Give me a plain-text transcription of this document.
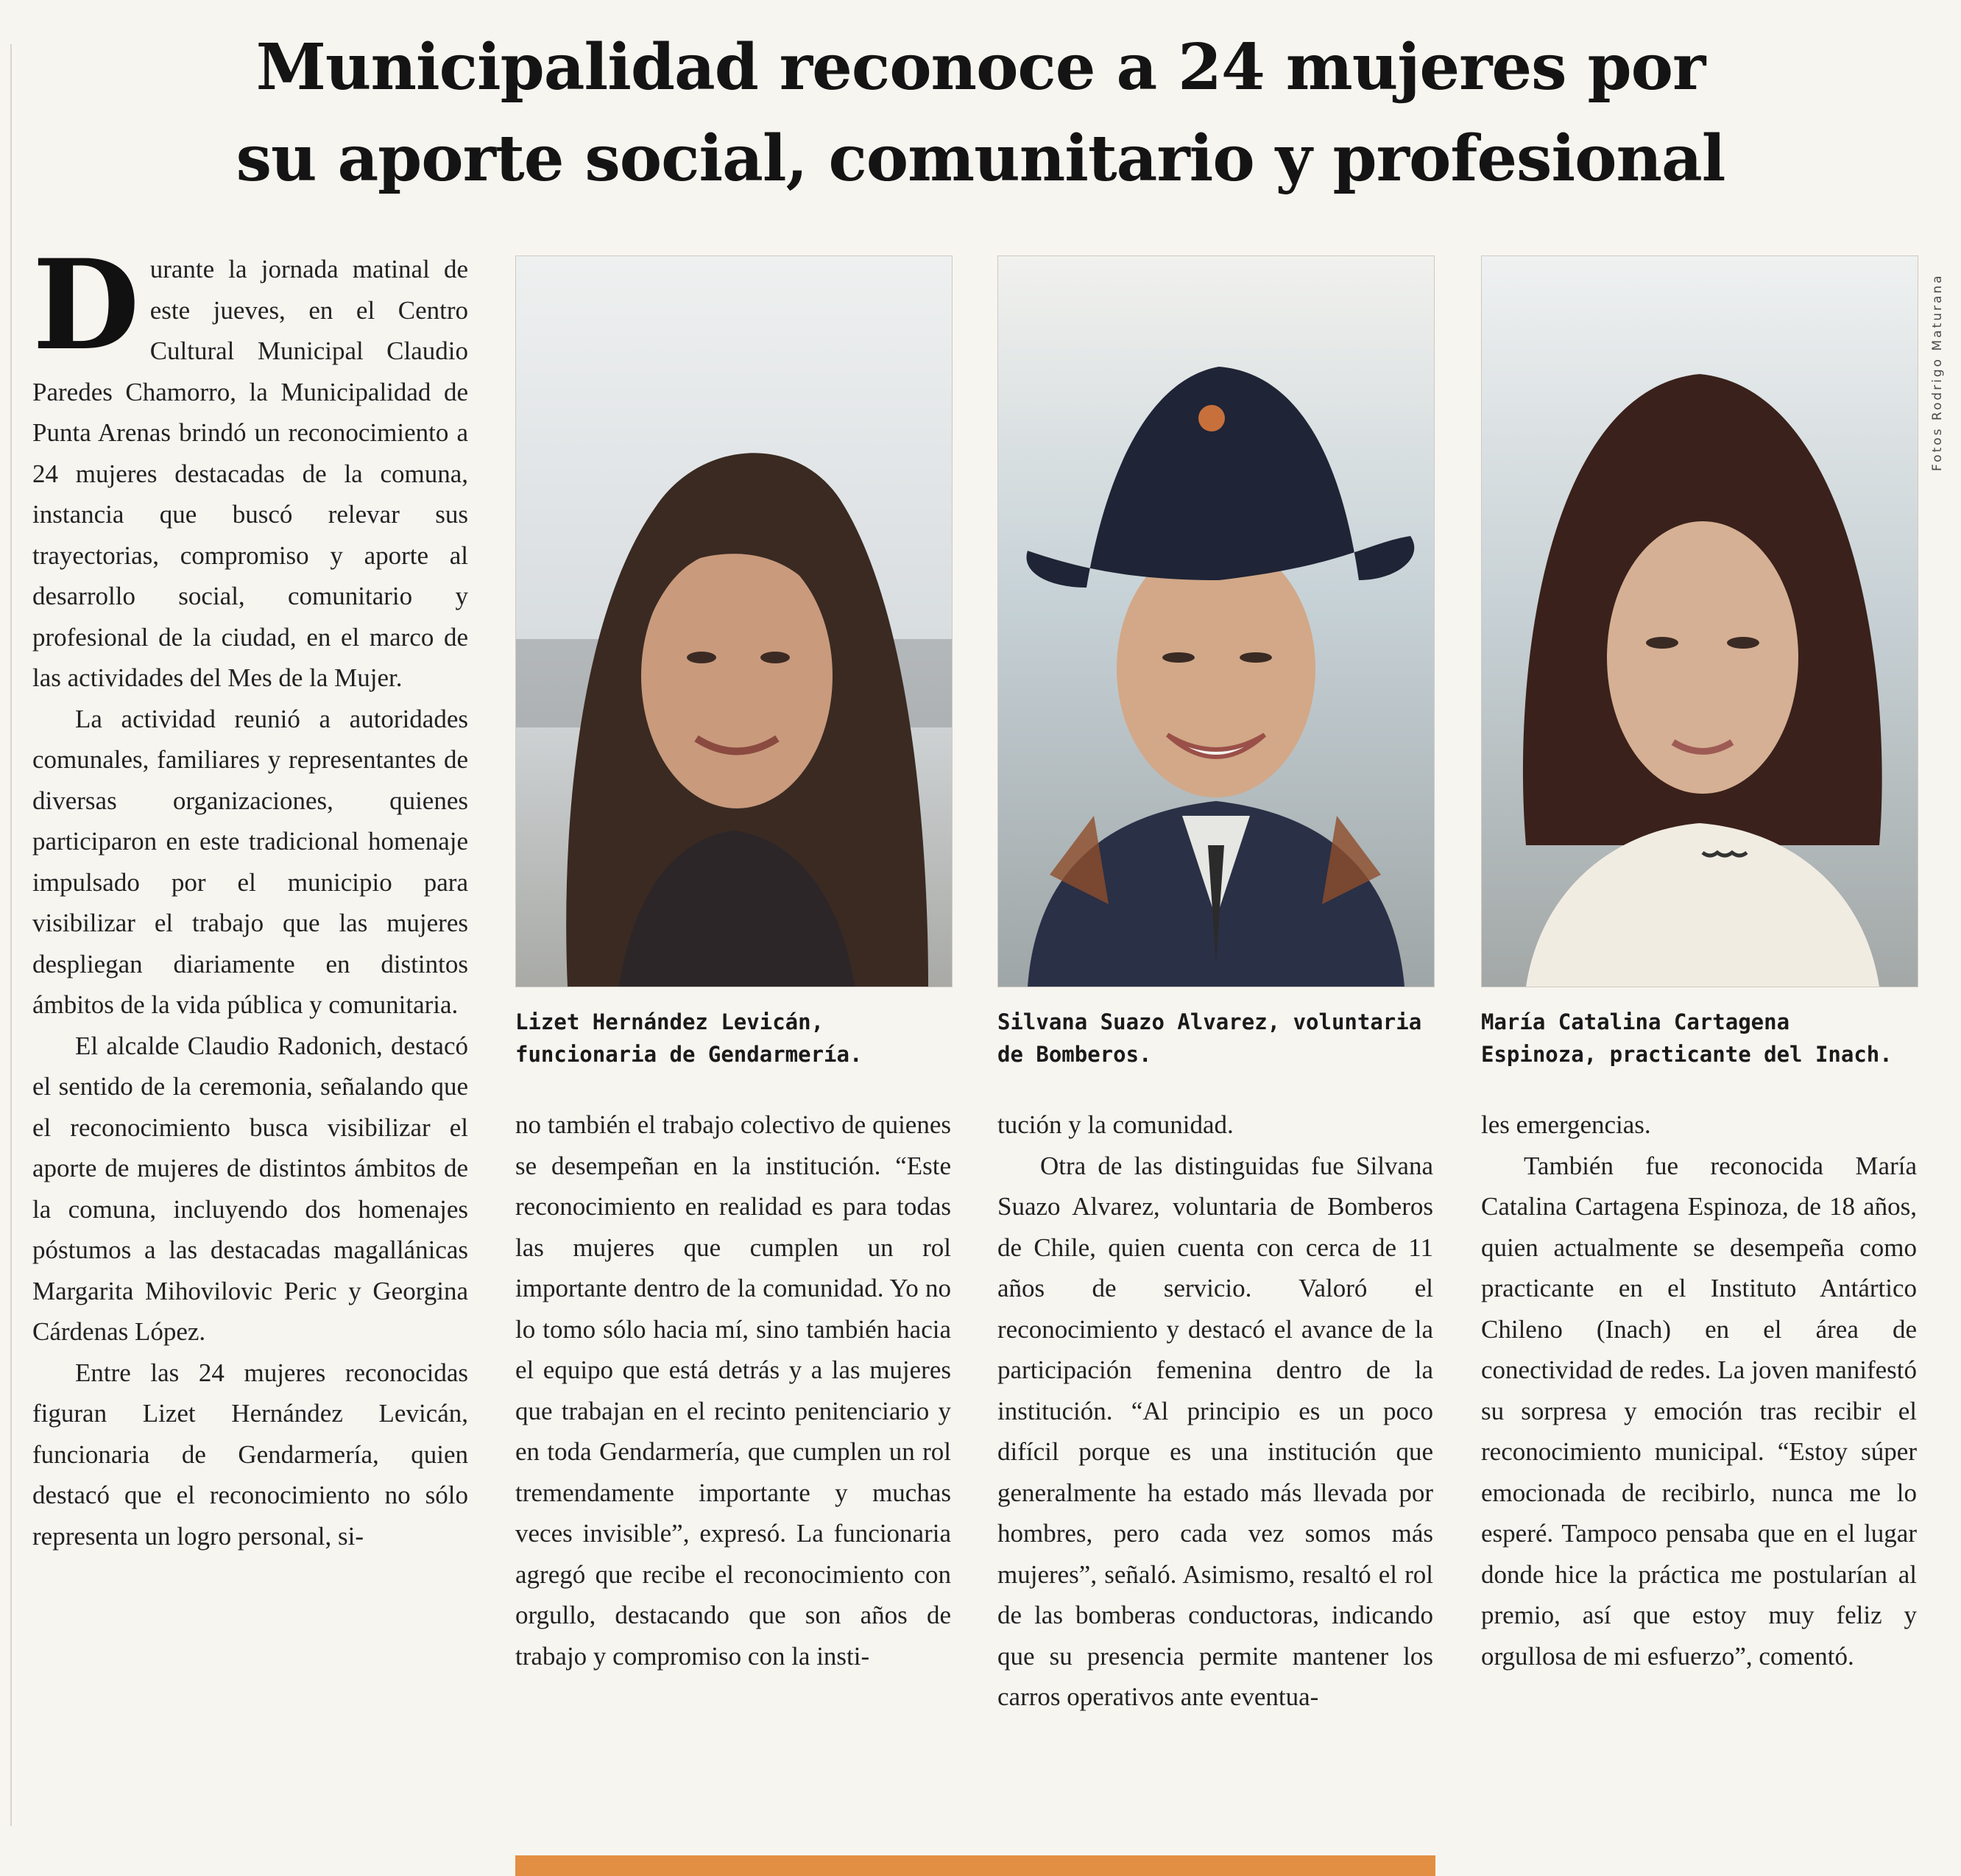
Municipalidad reconoce a 24 mujeres por
su aporte social, comunitario y profesional

Durante la jornada matinal de este jueves, en el Centro Cultural Municipal Claudio Paredes Chamorro, la Municipalidad de Punta Arenas brindó un reconocimiento a 24 mujeres destacadas de la comuna, instancia que buscó relevar sus trayectorias, compromiso y aporte al desarrollo social, comunitario y profesional de la ciudad, en el marco de las actividades del Mes de la Mujer.

La actividad reunió a autoridades comunales, familiares y representantes de diversas organizaciones, quienes participaron en este tradicional homenaje impulsado por el municipio para visibilizar el trabajo que las mujeres despliegan diariamente en distintos ámbitos de la vida pública y comunitaria.

El alcalde Claudio Radonich, destacó el sentido de la ceremonia, señalando que el reconocimiento busca visibilizar el aporte de mujeres de distintos ámbitos de la comuna, incluyendo dos homenajes póstumos a las destacadas magallánicas Margarita Mihovilovic Peric y Georgina Cárdenas López.

Entre las 24 mujeres reconocidas figuran Lizet Hernández Levicán, funcionaria de Gendarmería, quien destacó que el reconocimiento no sólo representa un logro personal, si-

Fotos Rodrigo Maturana
Lizet Hernández Levicán, funcionaria de Gendarmería.
Silvana Suazo Alvarez, voluntaria de Bomberos.
María Catalina Cartagena Espinoza, practicante del Inach.

no también el trabajo colectivo de quienes se desempeñan en la institución. “Este reconocimiento en realidad es para todas las mujeres que cumplen un rol importante dentro de la comunidad. Yo no lo tomo sólo hacia mí, sino también hacia el equipo que está detrás y a las mujeres que trabajan en el recinto penitenciario y en toda Gendarmería, que cumplen un rol tremendamente importante y muchas veces invisible”, expresó. La funcionaria agregó que recibe el reconocimiento con orgullo, destacando que son años de trabajo y compromiso con la insti-

tución y la comunidad.

Otra de las distinguidas fue Silvana Suazo Alvarez, voluntaria de Bomberos de Chile, quien cuenta con cerca de 11 años de servicio. Valoró el reconocimiento y destacó el avance de la participación femenina dentro de la institución. “Al principio es un poco difícil porque es una institución que generalmente ha estado más llevada por hombres, pero cada vez somos más mujeres”, señaló. Asimismo, resaltó el rol de las bomberas conductoras, indicando que su presencia permite mantener los carros operativos ante eventua-

les emergencias.

También fue reconocida María Catalina Cartagena Espinoza, de 18 años, quien actualmente se desempeña como practicante en el Instituto Antártico Chileno (Inach) en el área de conectividad de redes. La joven manifestó su sorpresa y emoción tras recibir el reconocimiento municipal. “Estoy súper emocionada de recibirlo, nunca me lo esperé. Tampoco pensaba que en el lugar donde hice la práctica me postularían al premio, así que estoy muy feliz y orgullosa de mi esfuerzo”, comentó.
